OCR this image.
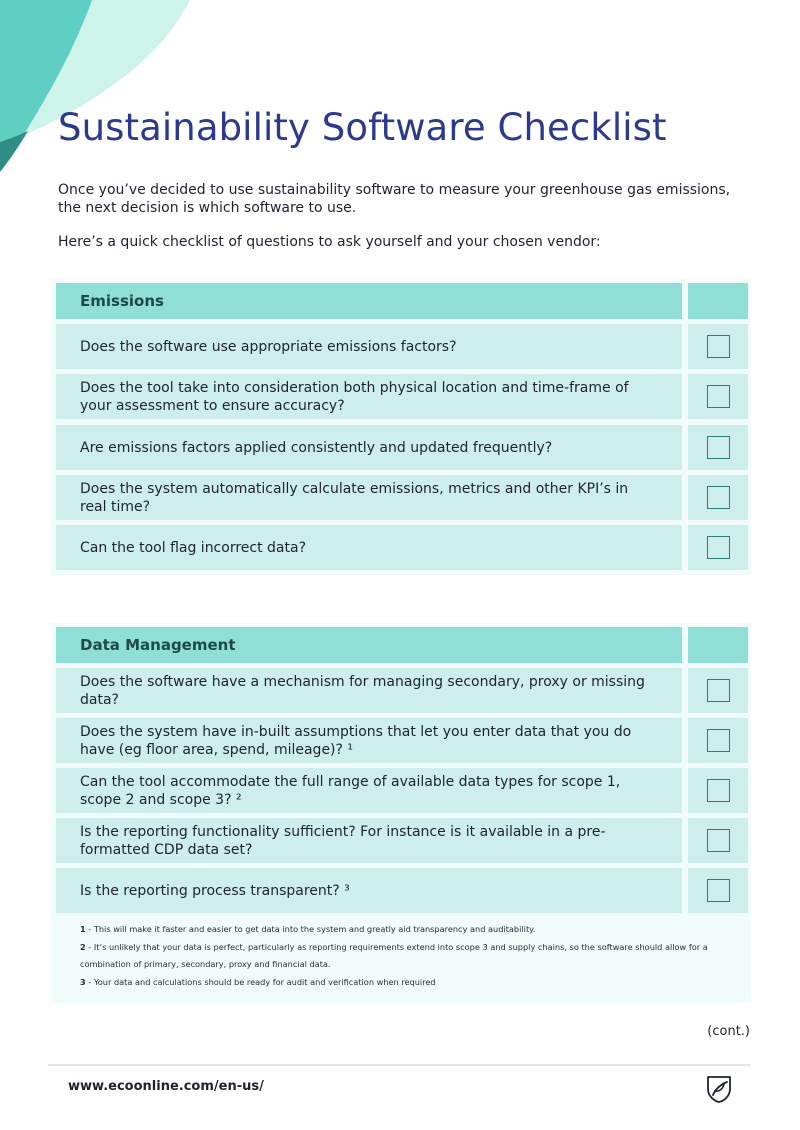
Sustainability Software Checklist

Once you’ve decided to use sustainability software to measure your greenhouse gas emissions, the next decision is which software to use.

Here’s a quick checklist of questions to ask yourself and your chosen vendor:

Emissions
Does the software use appropriate emissions factors?
Does the tool take into consideration both physical location and time-frame of your assessment to ensure accuracy?
Are emissions factors applied consistently and updated frequently?
Does the system automatically calculate emissions, metrics and other KPI’s in real time?
Can the tool flag incorrect data?
Data Management
Does the software have a mechanism for managing secondary, proxy or missing data?
Does the system have in-built assumptions that let you enter data that you do have (eg floor area, spend, mileage)? ¹
Can the tool accommodate the full range of available data types for scope 1, scope 2 and scope 3? ²
Is the reporting functionality sufficient? For instance is it available in a pre-formatted CDP data set?
Is the reporting process transparent? ³
1 - This will make it faster and easier to get data into the system and greatly aid transparency and auditability.
2 - It’s unlikely that your data is perfect, particularly as reporting requirements extend into scope 3 and supply chains, so the software should allow for a combination of primary, secondary, proxy and financial data.
3 - Your data and calculations should be ready for audit and verification when required
(cont.)
www.ecoonline.com/en-us/
